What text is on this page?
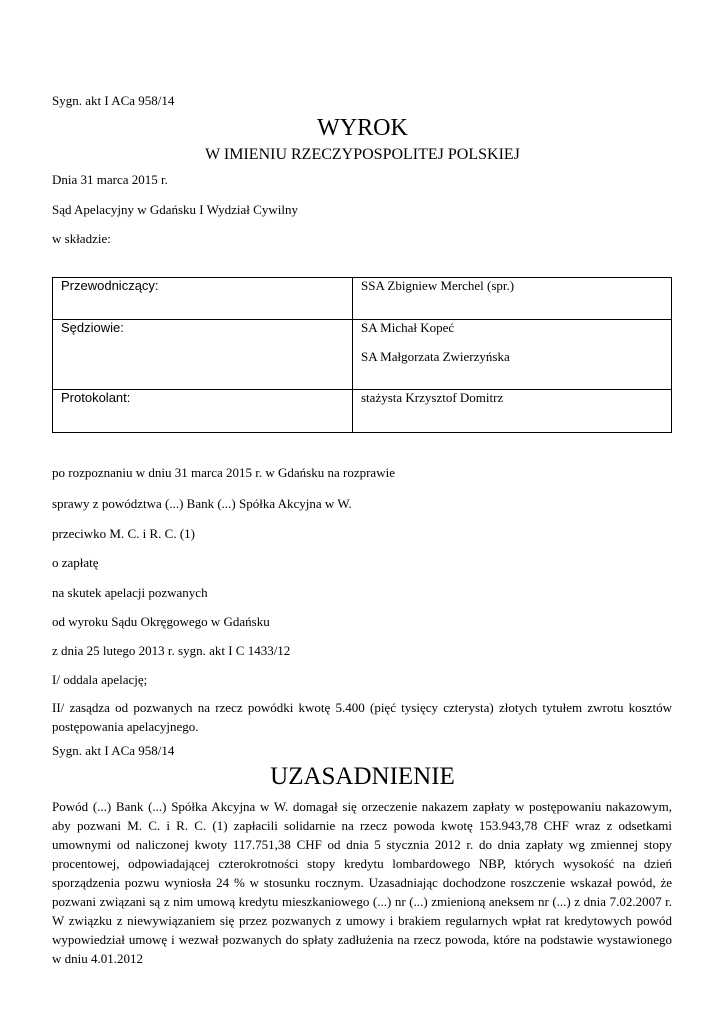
Sygn. akt I ACa 958/14
WYROK
W IMIENIU RZECZYPOSPOLITEJ POLSKIEJ
Dnia 31 marca 2015 r.
Sąd Apelacyjny w Gdańsku I Wydział Cywilny
w składzie:
Przewodniczący:	SSA Zbigniew Merchel (spr.)

Sędziowie:	SA Michał Kopeć
SA Małgorzata Zwierzyńska

Protokolant:	stażysta Krzysztof Domitrz
po rozpoznaniu w dniu 31 marca 2015 r. w Gdańsku na rozprawie
sprawy z powództwa (...) Bank (...) Spółka Akcyjna w W.
przeciwko M. C. i R. C. (1)
o zapłatę
na skutek apelacji pozwanych
od wyroku Sądu Okręgowego w Gdańsku
z dnia 25 lutego 2013 r. sygn. akt I C 1433/12
I/ oddala apelację;
II/ zasądza od pozwanych na rzecz powódki kwotę 5.400 (pięć tysięcy czterysta) złotych tytułem zwrotu kosztów postępowania apelacyjnego.
Sygn. akt I ACa 958/14
UZASADNIENIE
Powód (...) Bank (...) Spółka Akcyjna w W. domagał się orzeczenie nakazem zapłaty w postępowaniu nakazowym, aby pozwani M. C. i R. C. (1) zapłacili solidarnie na rzecz powoda kwotę 153.943,78 CHF wraz z odsetkami umownymi od naliczonej kwoty 117.751,38 CHF od dnia 5 stycznia 2012 r. do dnia zapłaty wg zmiennej stopy procentowej, odpowiadającej czterokrotności stopy kredytu lombardowego NBP, których wysokość na dzień sporządzenia pozwu wyniosła 24 % w stosunku rocznym. Uzasadniając dochodzone roszczenie wskazał powód, że pozwani związani są z nim umową kredytu mieszkaniowego (...) nr (...) zmienioną aneksem nr (...) z dnia 7.02.2007 r. W związku z niewywiązaniem się przez pozwanych z umowy i brakiem regularnych wpłat rat kredytowych powód wypowiedział umowę i wezwał pozwanych do spłaty zadłużenia na rzecz powoda, które na podstawie wystawionego w dniu 4.01.2012
